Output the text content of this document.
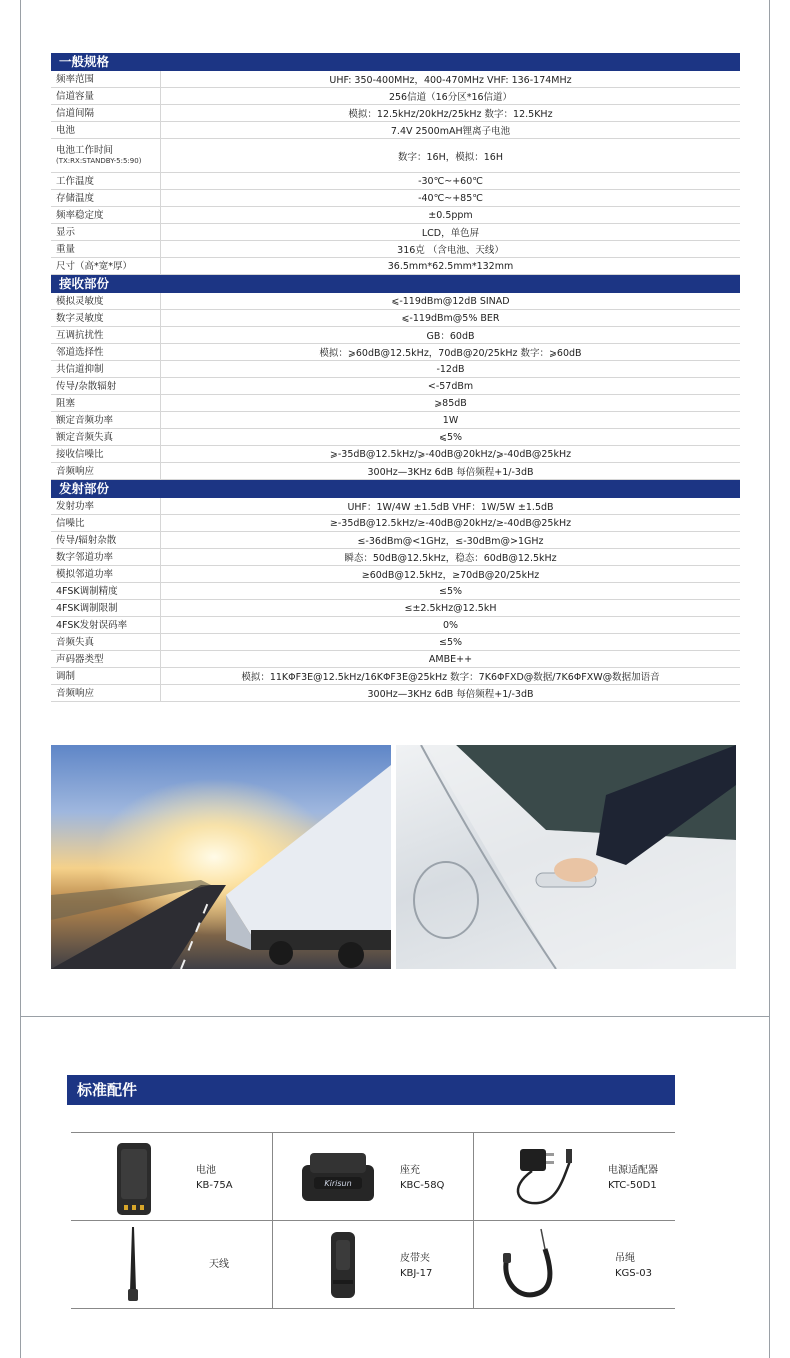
一般规格
频率范围	UHF: 350-400MHz，400-470MHz VHF: 136-174MHz
信道容量	256信道（16分区*16信道）
信道间隔	模拟：12.5kHz/20kHz/25kHz 数字：12.5KHz
电池	7.4V 2500mAH锂离子电池
电池工作时间
(TX:RX:STANDBY-5:5:90)	数字：16H，模拟：16H
工作温度	-30℃~+60℃
存储温度	-40℃~+85℃
频率稳定度	±0.5ppm
显示	LCD，单色屏
重量	316克 （含电池、天线）
尺寸（高*宽*厚）	36.5mm*62.5mm*132mm
接收部份
模拟灵敏度	⩽-119dBm@12dB SINAD
数字灵敏度	⩽-119dBm@5% BER
互调抗扰性	GB：60dB
邻道选择性	模拟：⩾60dB@12.5kHz，70dB@20/25kHz 数字：⩾60dB
共信道抑制	-12dB
传导/杂散辐射	<-57dBm
阻塞	⩾85dB
额定音频功率	1W
额定音频失真	⩽5%
接收信噪比	⩾-35dB@12.5kHz/⩾-40dB@20kHz/⩾-40dB@25kHz
音频响应	300Hz—3KHz 6dB 每倍频程+1/-3dB
发射部份
发射功率	UHF：1W/4W ±1.5dB VHF：1W/5W ±1.5dB
信噪比	≥-35dB@12.5kHz/≥-40dB@20kHz/≥-40dB@25kHz
传导/辐射杂散	≤-36dBm@<1GHz，≤-30dBm@>1GHz
数字邻道功率	瞬态：50dB@12.5kHz，稳态：60dB@12.5kHz
模拟邻道功率	≥60dB@12.5kHz，≥70dB@20/25kHz
4FSK调制精度	≤5%
4FSK调制限制	≤±2.5kHz@12.5kH
4FSK发射误码率	0%
音频失真	≤5%
声码器类型	AMBE++
调制	模拟：11KΦF3E@12.5kHz/16KΦF3E@25kHz 数字：7K6ΦFXD@数据/7K6ΦFXW@数据加语音
音频响应	300Hz—3KHz 6dB 每倍频程+1/-3dB
标准配件
电池
KB-75A	Kirisun
座充
KBC-58Q
电源适配器
KTC-50D1
天线
皮带夹
KBJ-17
吊绳
KGS-03
